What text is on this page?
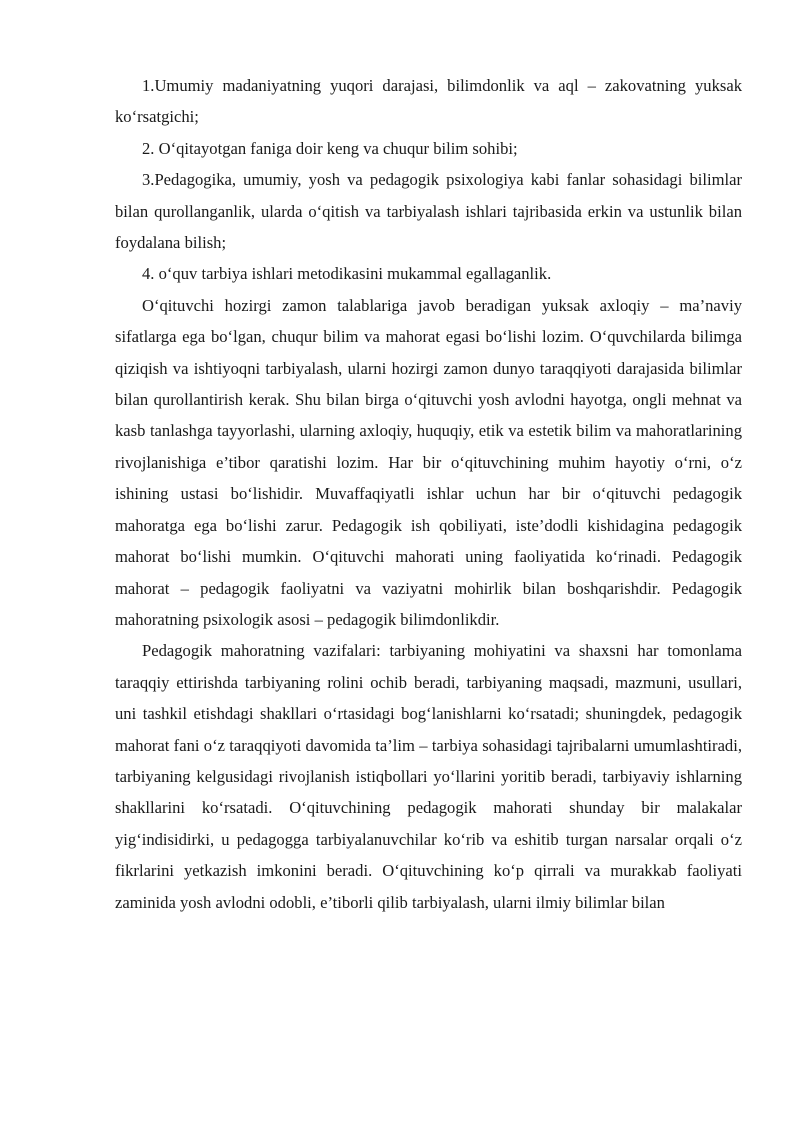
1.Umumiy madaniyatning yuqori darajasi, bilimdonlik va aql – zakovatning yuksak ko‘rsatgichi;

2. O‘qitayotgan faniga doir keng va chuqur bilim sohibi;

3.Pedagogika, umumiy, yosh va pedagogik psixologiya kabi fanlar sohasidagi bilimlar bilan qurollanganlik, ularda o‘qitish va tarbiyalash ishlari tajribasida erkin va ustunlik bilan foydalana bilish;

4. o‘quv tarbiya ishlari metodikasini mukammal egallaganlik.

O‘qituvchi hozirgi zamon talablariga javob beradigan yuksak axloqiy – ma’naviy sifatlarga ega bo‘lgan, chuqur bilim va mahorat egasi bo‘lishi lozim. O‘quvchilarda bilimga qiziqish va ishtiyoqni tarbiyalash, ularni hozirgi zamon dunyo taraqqiyoti darajasida bilimlar bilan qurollantirish kerak. Shu bilan birga o‘qituvchi yosh avlodni hayotga, ongli mehnat va kasb tanlashga tayyorlashi, ularning axloqiy, huquqiy, etik va estetik bilim va mahoratlarining rivojlanishiga e’tibor qaratishi lozim. Har bir o‘qituvchining muhim hayotiy o‘rni, o‘z ishining ustasi bo‘lishidir. Muvaffaqiyatli ishlar uchun har bir o‘qituvchi pedagogik mahoratga ega bo‘lishi zarur. Pedagogik ish qobiliyati, iste’dodli kishidagina pedagogik mahorat bo‘lishi mumkin. O‘qituvchi mahorati uning faoliyatida ko‘rinadi. Pedagogik mahorat – pedagogik faoliyatni va vaziyatni mohirlik bilan boshqarishdir. Pedagogik mahoratning psixologik asosi – pedagogik bilimdonlikdir.

Pedagogik mahoratning vazifalari: tarbiyaning mohiyatini va shaxsni har tomonlama taraqqiy ettirishda tarbiyaning rolini ochib beradi, tarbiyaning maqsadi, mazmuni, usullari, uni tashkil etishdagi shakllari o‘rtasidagi bog‘lanishlarni ko‘rsatadi; shuningdek, pedagogik mahorat fani o‘z taraqqiyoti davomida ta’lim – tarbiya sohasidagi tajribalarni umumlashtiradi, tarbiyaning kelgusidagi rivojlanish istiqbollari yo‘llarini yoritib beradi, tarbiyaviy ishlarning shakllarini ko‘rsatadi. O‘qituvchining pedagogik mahorati shunday bir malakalar yig‘indisidirki, u pedagogga tarbiyalanuvchilar ko‘rib va eshitib turgan narsalar orqali o‘z fikrlarini yetkazish imkonini beradi. O‘qituvchining ko‘p qirrali va murakkab faoliyati zaminida yosh avlodni odobli, e’tiborli qilib tarbiyalash, ularni ilmiy bilimlar bilan
